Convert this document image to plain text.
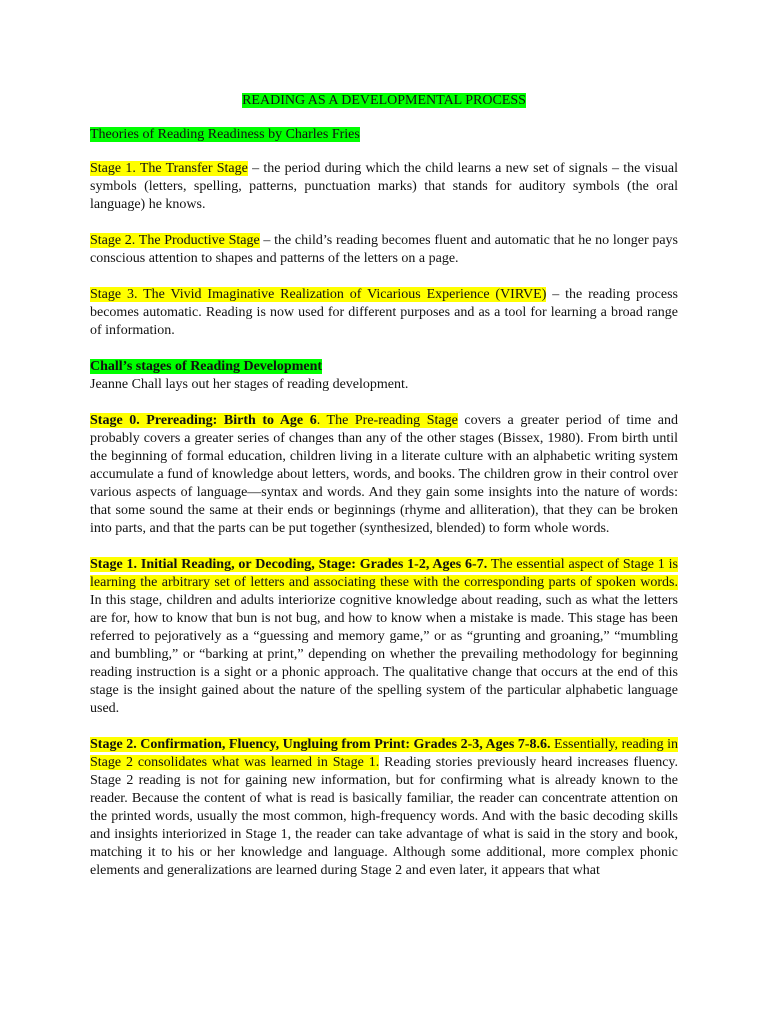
READING AS A DEVELOPMENTAL PROCESS

Theories of Reading Readiness by Charles Fries

Stage 1. The Transfer Stage – the period during which the child learns a new set of signals – the visual symbols (letters, spelling, patterns, punctuation marks) that stands for auditory symbols (the oral language) he knows.

Stage 2. The Productive Stage – the child’s reading becomes fluent and automatic that he no longer pays conscious attention to shapes and patterns of the letters on a page.

Stage 3. The Vivid Imaginative Realization of Vicarious Experience (VIRVE) – the reading process becomes automatic. Reading is now used for different purposes and as a tool for learning a broad range of information.

Chall’s stages of Reading Development

Jeanne Chall lays out her stages of reading development.

Stage 0. Prereading: Birth to Age 6. The Pre-reading Stage covers a greater period of time and probably covers a greater series of changes than any of the other stages (Bissex, 1980). From birth until the beginning of formal education, children living in a literate culture with an alphabetic writing system accumulate a fund of knowledge about letters, words, and books. The children grow in their control over various aspects of language—syntax and words. And they gain some insights into the nature of words: that some sound the same at their ends or beginnings (rhyme and alliteration), that they can be broken into parts, and that the parts can be put together (synthesized, blended) to form whole words.

Stage 1. Initial Reading, or Decoding, Stage: Grades 1-2, Ages 6-7. The essential aspect of Stage 1 is learning the arbitrary set of letters and associating these with the corresponding parts of spoken words. In this stage, children and adults interiorize cognitive knowledge about reading, such as what the letters are for, how to know that bun is not bug, and how to know when a mistake is made. This stage has been referred to pejoratively as a “guessing and memory game,” or as “grunting and groaning,” “mumbling and bumbling,” or “barking at print,” depending on whether the prevailing methodology for beginning reading instruction is a sight or a phonic approach. The qualitative change that occurs at the end of this stage is the insight gained about the nature of the spelling system of the particular alphabetic language used.

Stage 2. Confirmation, Fluency, Ungluing from Print: Grades 2-3, Ages 7-8.6. Essentially, reading in Stage 2 consolidates what was learned in Stage 1. Reading stories previously heard increases fluency. Stage 2 reading is not for gaining new information, but for confirming what is already known to the reader. Because the content of what is read is basically familiar, the reader can concentrate attention on the printed words, usually the most common, high-frequency words. And with the basic decoding skills and insights interiorized in Stage 1, the reader can take advantage of what is said in the story and book, matching it to his or her knowledge and language. Although some additional, more complex phonic elements and generalizations are learned during Stage 2 and even later, it appears that what
